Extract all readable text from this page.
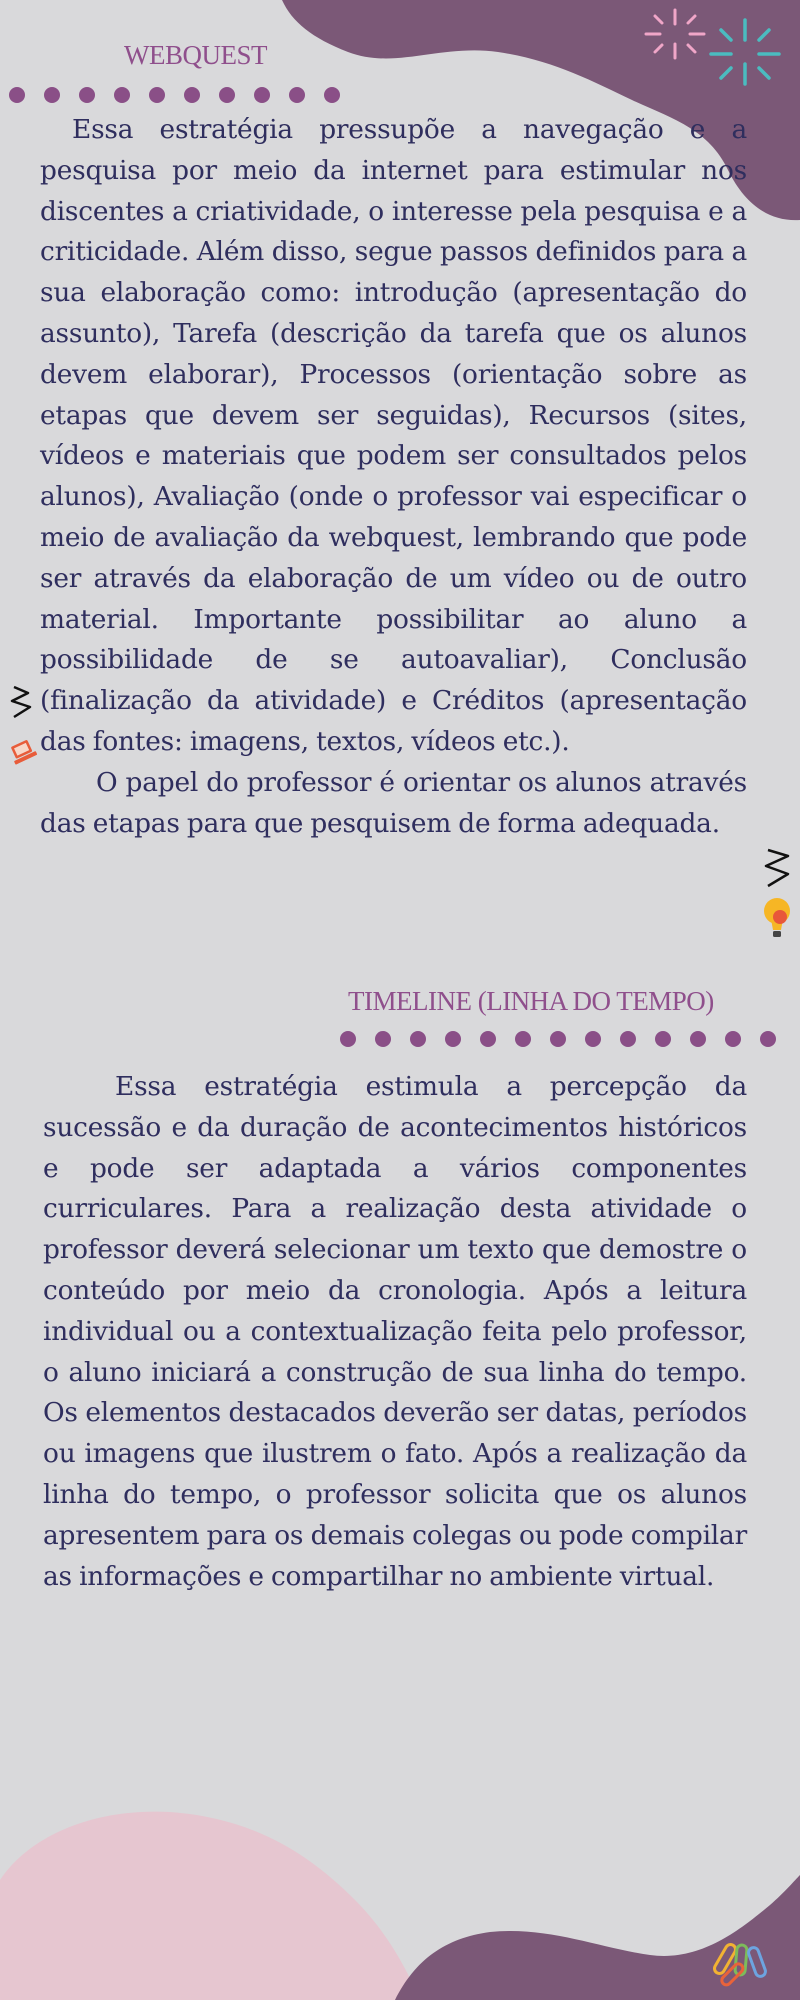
WEBQUEST

Essa estratégia pressupõe a navegação e a pesquisa por meio da internet para estimular nos discentes a criatividade, o interesse pela pesquisa e a criticidade. Além disso, segue passos definidos para a sua elaboração como: introdução (apresentação do assunto), Tarefa (descrição da tarefa que os alunos devem elaborar), Processos (orientação sobre as etapas que devem ser seguidas), Recursos (sites, vídeos e materiais que podem ser consultados pelos alunos), Avaliação (onde o professor vai especificar o meio de avaliação da webquest, lembrando que pode ser através da elaboração de um vídeo ou de outro material. Importante possibilitar ao aluno a possibilidade de se autoavaliar), Conclusão (finalização da atividade) e Créditos (apresentação das fontes: imagens, textos, vídeos etc.).

O papel do professor é orientar os alunos através das etapas para que pesquisem de forma adequada.

TIMELINE (LINHA DO TEMPO)

Essa estratégia estimula a percepção da sucessão e da duração de acontecimentos históricos e pode ser adaptada a vários componentes curriculares. Para a realização desta atividade o professor deverá selecionar um texto que demostre o conteúdo por meio da cronologia. Após a leitura individual ou a contextualização feita pelo professor, o aluno iniciará a construção de sua linha do tempo. Os elementos destacados deverão ser datas, períodos ou imagens que ilustrem o fato. Após a realização da linha do tempo, o professor solicita que os alunos apresentem para os demais colegas ou pode compilar as informações e compartilhar no ambiente virtual.
